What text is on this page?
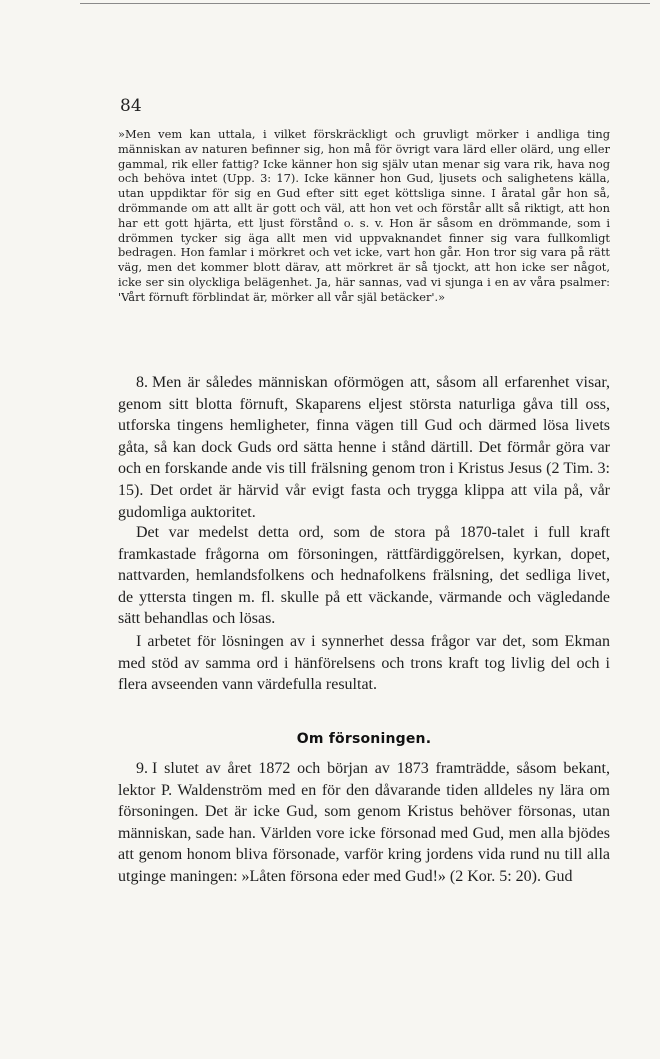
84
»Men vem kan uttala, i vilket förskräckligt och gruvligt mörker i andliga ting människan av naturen befinner sig, hon må för övrigt vara lärd eller olärd, ung eller gammal, rik eller fattig? Icke känner hon sig själv utan menar sig vara rik, hava nog och behöva intet (Upp. 3: 17). Icke känner hon Gud, ljusets och salighetens källa, utan uppdiktar för sig en Gud efter sitt eget köttsliga sinne. I åratal går hon så, drömmande om att allt är gott och väl, att hon vet och förstår allt så riktigt, att hon har ett gott hjärta, ett ljust förstånd o. s. v. Hon är såsom en drömmande, som i drömmen tycker sig äga allt men vid uppvaknandet finner sig vara fullkomligt bedragen. Hon famlar i mörkret och vet icke, vart hon går. Hon tror sig vara på rätt väg, men det kommer blott därav, att mörkret är så tjockt, att hon icke ser något, icke ser sin olyckliga belägenhet. Ja, här sannas, vad vi sjunga i en av våra psalmer: 'Vårt förnuft förblindat är, mörker all vår själ betäcker'.»
8. Men är således människan oförmögen att, såsom all erfarenhet visar, genom sitt blotta förnuft, Skaparens eljest största naturliga gåva till oss, utforska tingens hemligheter, finna vägen till Gud och därmed lösa livets gåta, så kan dock Guds ord sätta henne i stånd därtill. Det förmår göra var och en forskande ande vis till frälsning genom tron i Kristus Jesus (2 Tim. 3: 15). Det ordet är härvid vår evigt fasta och trygga klippa att vila på, vår gudomliga auktoritet.
Det var medelst detta ord, som de stora på 1870-talet i full kraft framkastade frågorna om försoningen, rättfärdiggörelsen, kyrkan, dopet, nattvarden, hemlandsfolkens och hednafolkens frälsning, det sedliga livet, de yttersta tingen m. fl. skulle på ett väckande, värmande och vägledande sätt behandlas och lösas.
I arbetet för lösningen av i synnerhet dessa frågor var det, som Ekman med stöd av samma ord i hänförelsens och trons kraft tog livlig del och i flera avseenden vann värdefulla resultat.
Om försoningen.
9. I slutet av året 1872 och början av 1873 framträdde, såsom bekant, lektor P. Waldenström med en för den dåvarande tiden alldeles ny lära om försoningen. Det är icke Gud, som genom Kristus behöver försonas, utan människan, sade han. Världen vore icke försonad med Gud, men alla bjödes att genom honom bliva försonade, varför kring jordens vida rund nu till alla utginge maningen: »Låten försona eder med Gud!» (2 Kor. 5: 20). Gud
